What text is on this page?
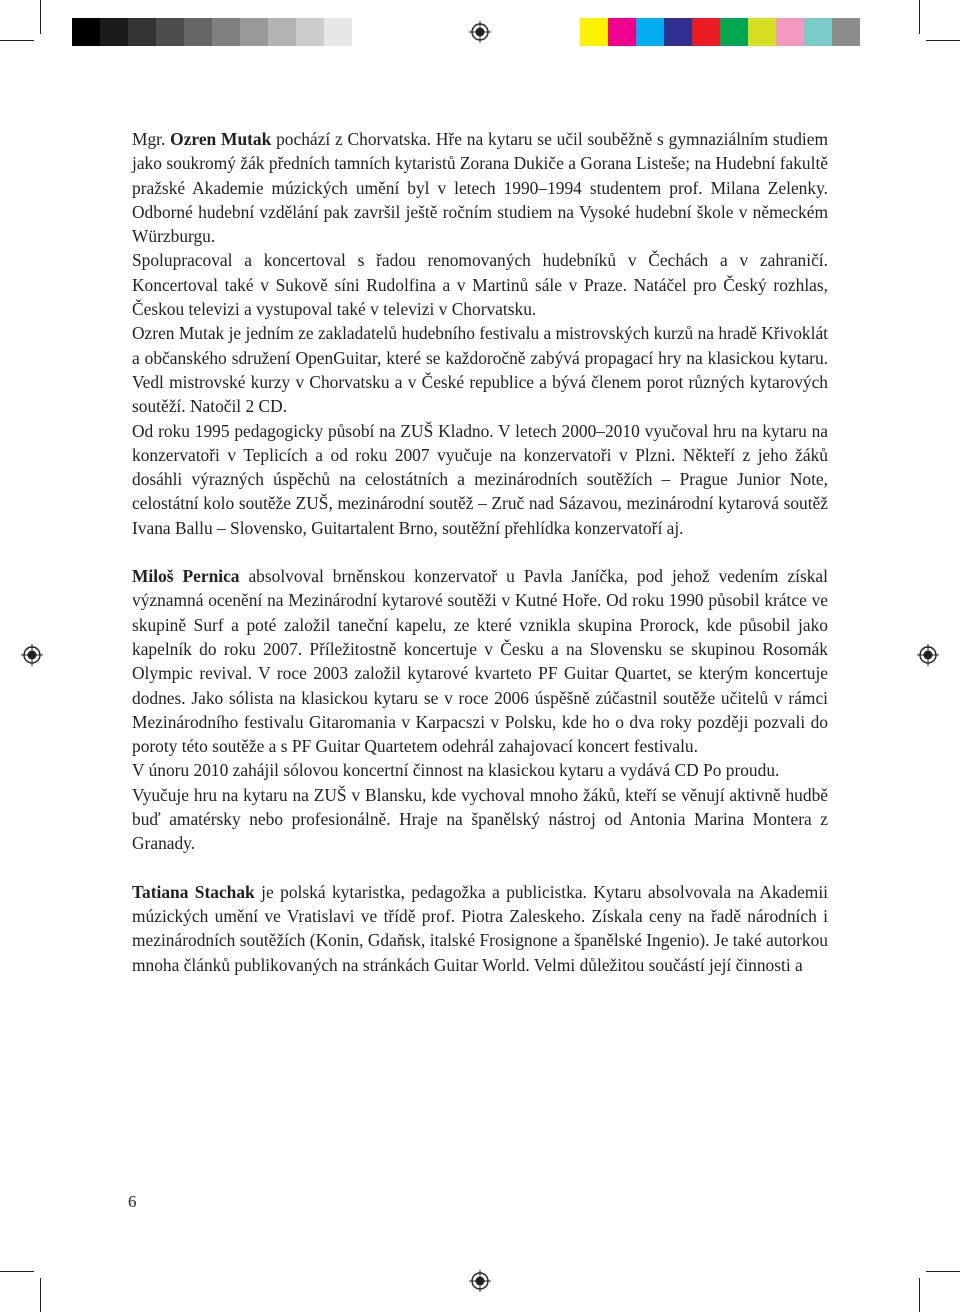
Mgr. Ozren Mutak pochází z Chorvatska. Hře na kytaru se učil souběžně s gymnaziálním studiem jako soukromý žák předních tamních kytaristů Zorana Dukiče a Gorana Listeše; na Hudební fakultě pražské Akademie múzických umění byl v letech 1990–1994 studentem prof. Milana Zelenky. Odborné hudební vzdělání pak završil ještě ročním studiem na Vysoké hudební škole v německém Würzburgu.

Spolupracoval a koncertoval s řadou renomovaných hudebníků v Čechách a v zahraničí. Koncertoval také v Sukově síni Rudolfina a v Martinů sále v Praze. Natáčel pro Český rozhlas, Českou televizi a vystupoval také v televizi v Chorvatsku.

Ozren Mutak je jedním ze zakladatelů hudebního festivalu a mistrovských kurzů na hradě Křivoklát a občanského sdružení OpenGuitar, které se každoročně zabývá propagací hry na klasickou kytaru. Vedl mistrovské kurzy v Chorvatsku a v České republice a bývá členem porot různých kytarových soutěží. Natočil 2 CD.

Od roku 1995 pedagogicky působí na ZUŠ Kladno. V letech 2000–2010 vyučoval hru na kytaru na konzervatoři v Teplicích a od roku 2007 vyučuje na konzervatoři v Plzni. Někteří z jeho žáků dosáhli výrazných úspěchů na celostátních a mezinárodních soutěžích – Prague Junior Note, celostátní kolo soutěže ZUŠ, mezinárodní soutěž – Zruč nad Sázavou, mezinárodní kytarová soutěž Ivana Ballu – Slovensko, Guitartalent Brno, soutěžní přehlídka konzervatoří aj.

Miloš Pernica absolvoval brněnskou konzervatoř u Pavla Janíčka, pod jehož vedením získal významná ocenění na Mezinárodní kytarové soutěži v Kutné Hoře. Od roku 1990 působil krátce ve skupině Surf a poté založil taneční kapelu, ze které vznikla skupina Prorock, kde působil jako kapelník do roku 2007. Příležitostně koncertuje v Česku a na Slovensku se skupinou Rosomák Olympic revival. V roce 2003 založil kytarové kvarteto PF Guitar Quartet, se kterým koncertuje dodnes. Jako sólista na klasickou kytaru se v roce 2006 úspěšně zúčastnil soutěže učitelů v rámci Mezinárodního festivalu Gitaromania v Karpacszi v Polsku, kde ho o dva roky později pozvali do poroty této soutěže a s PF Guitar Quartetem odehrál zahajovací koncert festivalu.

V únoru 2010 zahájil sólovou koncertní činnost na klasickou kytaru a vydává CD Po proudu.

Vyučuje hru na kytaru na ZUŠ v Blansku, kde vychoval mnoho žáků, kteří se věnují aktivně hudbě buď amatérsky nebo profesionálně. Hraje na španělský nástroj od Antonia Marina Montera z Granady.

Tatiana Stachak je polská kytaristka, pedagožka a publicistka. Kytaru absolvovala na Akademii múzických umění ve Vratislavi ve třídě prof. Piotra Zaleskeho. Získala ceny na řadě národních i mezinárodních soutěžích (Konin, Gdaňsk, italské Frosignone a španělské Ingenio). Je také autorkou mnoha článků publikovaných na stránkách Guitar World. Velmi důležitou součástí její činnosti a

6
